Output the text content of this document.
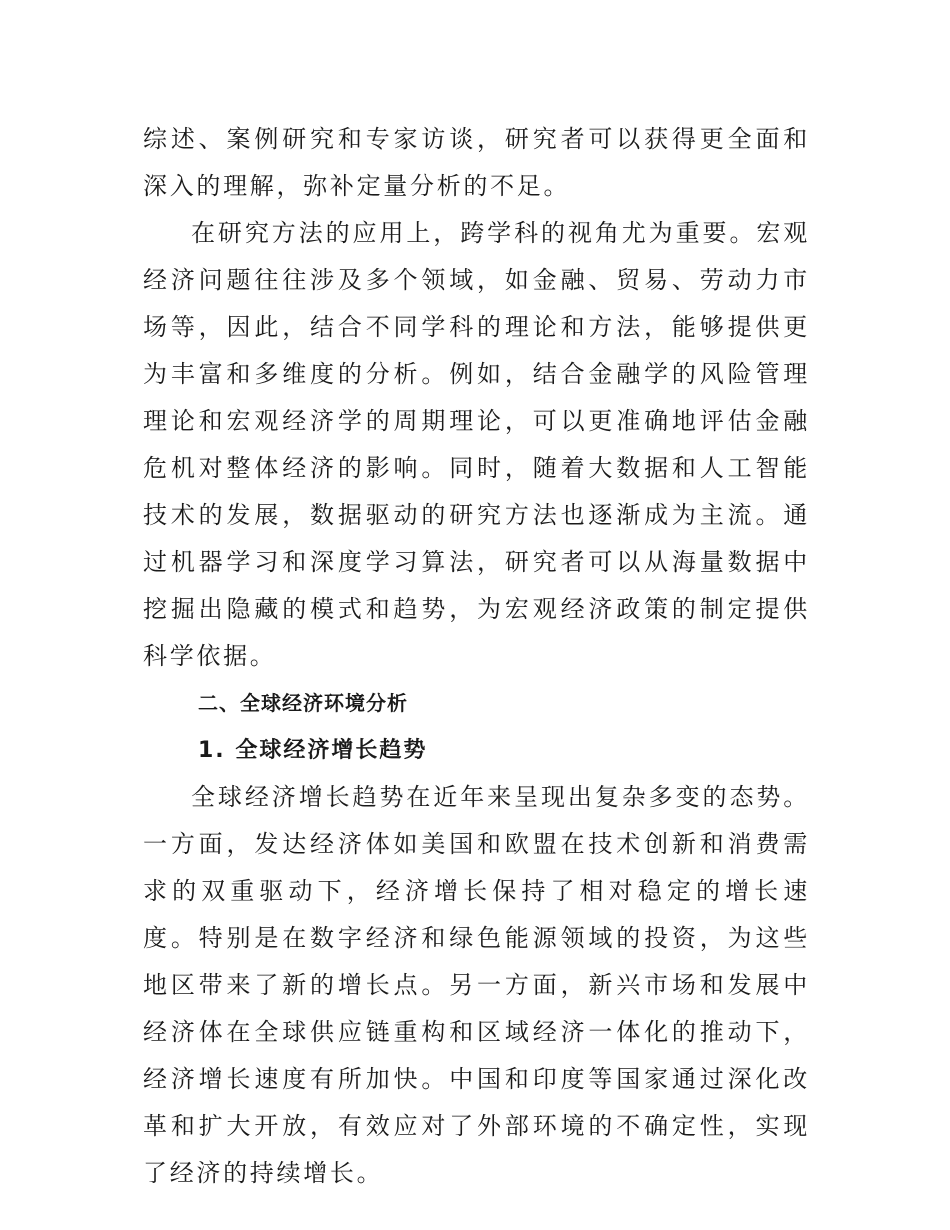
综述、案例研究和专家访谈，研究者可以获得更全面和深入的理解，弥补定量分析的不足。

在研究方法的应用上，跨学科的视角尤为重要。宏观经济问题往往涉及多个领域，如金融、贸易、劳动力市场等，因此，结合不同学科的理论和方法，能够提供更为丰富和多维度的分析。例如，结合金融学的风险管理理论和宏观经济学的周期理论，可以更准确地评估金融危机对整体经济的影响。同时，随着大数据和人工智能技术的发展，数据驱动的研究方法也逐渐成为主流。通过机器学习和深度学习算法，研究者可以从海量数据中挖掘出隐藏的模式和趋势，为宏观经济政策的制定提供科学依据。

二、全球经济环境分析
1. 全球经济增长趋势

全球经济增长趋势在近年来呈现出复杂多变的态势。一方面，发达经济体如美国和欧盟在技术创新和消费需求的双重驱动下，经济增长保持了相对稳定的增长速度。特别是在数字经济和绿色能源领域的投资，为这些地区带来了新的增长点。另一方面，新兴市场和发展中经济体在全球供应链重构和区域经济一体化的推动下，经济增长速度有所加快。中国和印度等国家通过深化改革和扩大开放，有效应对了外部环境的不确定性，实现了经济的持续增长。
